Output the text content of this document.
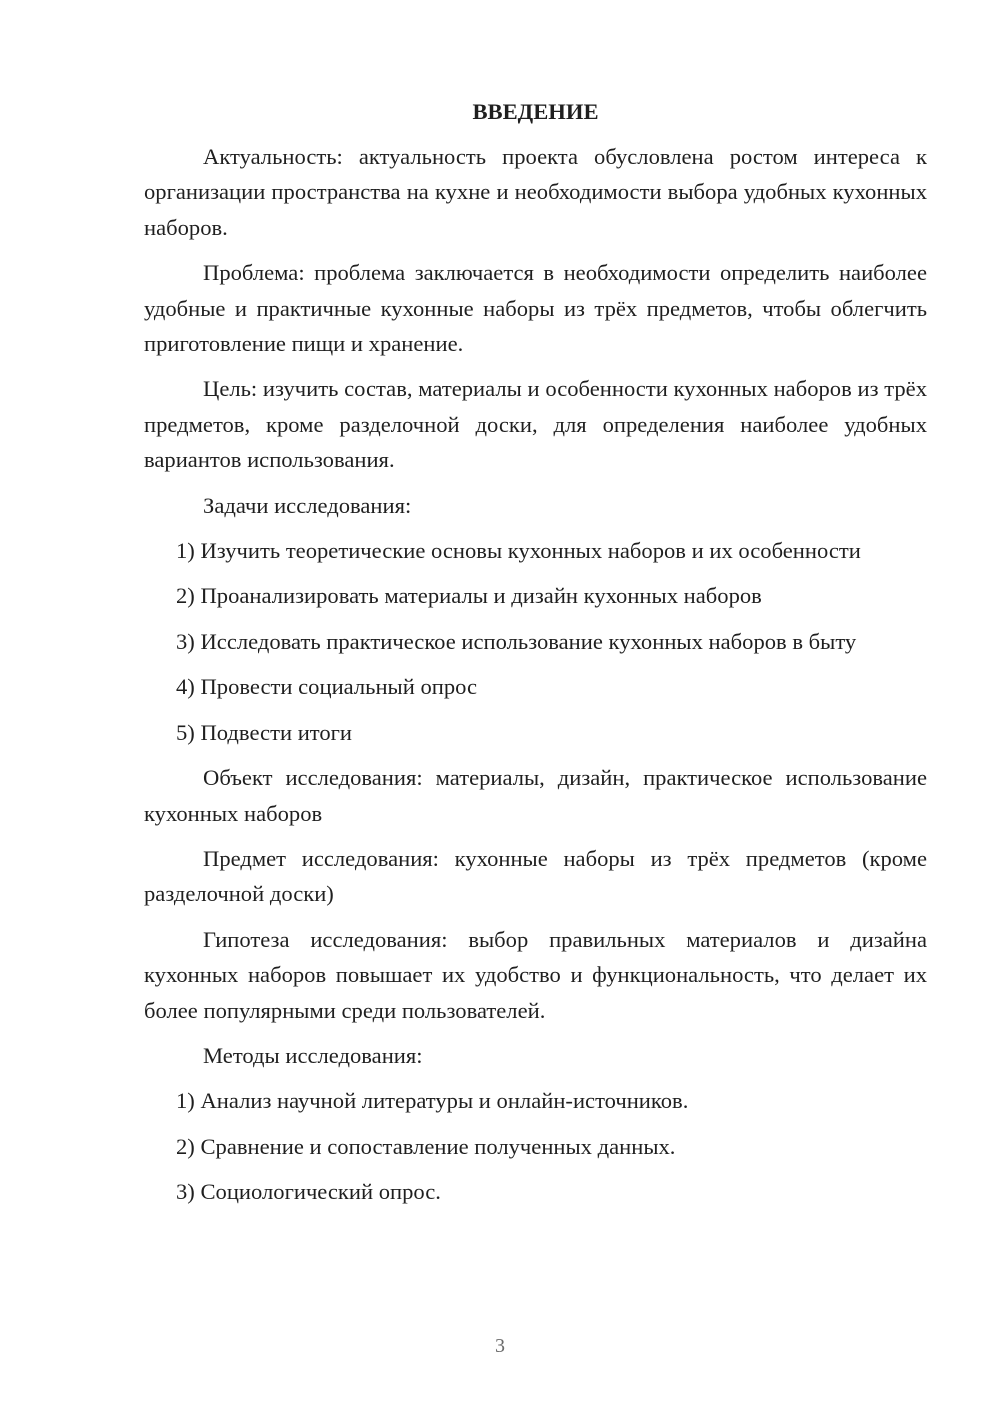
ВВЕДЕНИЕ

Актуальность: актуальность проекта обусловлена ростом интереса к организации пространства на кухне и необходимости выбора удобных кухонных наборов.

Проблема: проблема заключается в необходимости определить наиболее удобные и практичные кухонные наборы из трёх предметов, чтобы облегчить приготовление пищи и хранение.

Цель: изучить состав, материалы и особенности кухонных наборов из трёх предметов, кроме разделочной доски, для определения наиболее удобных вариантов использования.

Задачи исследования:

1) Изучить теоретические основы кухонных наборов и их особенности
2) Проанализировать материалы и дизайн кухонных наборов
3) Исследовать практическое использование кухонных наборов в быту
4) Провести социальный опрос
5) Подвести итоги

Объект исследования: материалы, дизайн, практическое использование кухонных наборов

Предмет исследования: кухонные наборы из трёх предметов (кроме разделочной доски)

Гипотеза исследования: выбор правильных материалов и дизайна кухонных наборов повышает их удобство и функциональность, что делает их более популярными среди пользователей.

Методы исследования:

1) Анализ научной литературы и онлайн-источников.
2) Сравнение и сопоставление полученных данных.
3) Социологический опрос.
3
